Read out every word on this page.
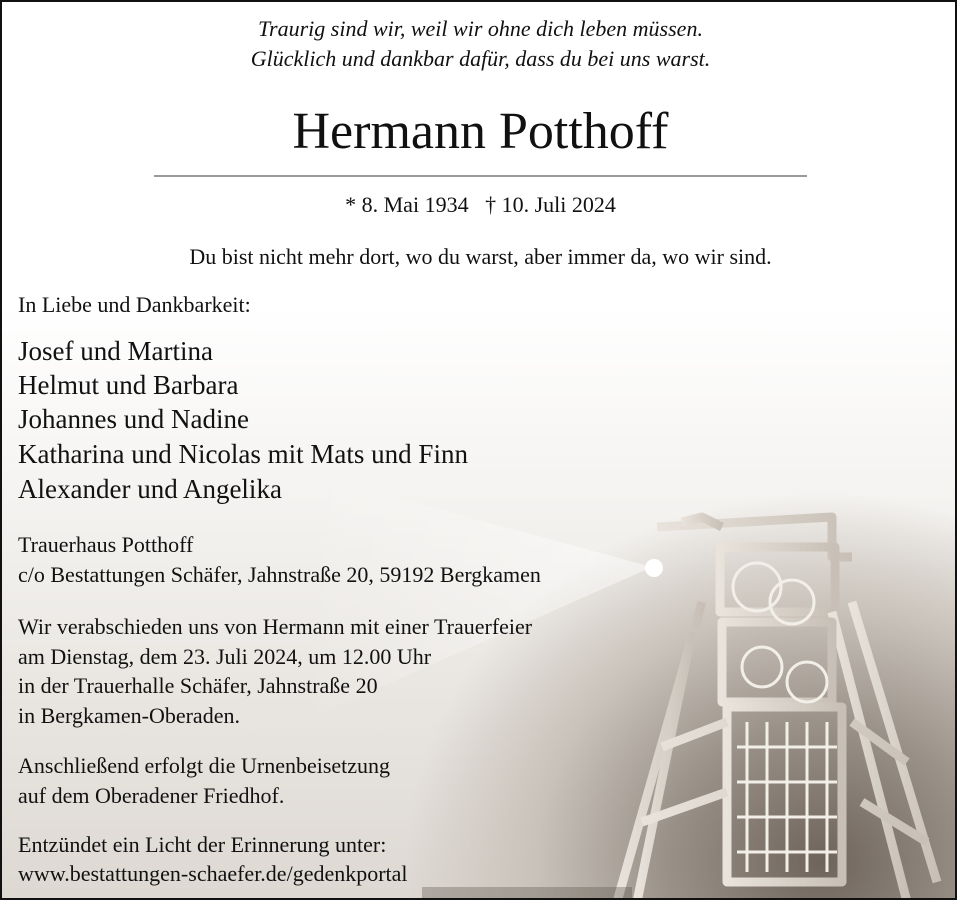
Traurig sind wir, weil wir ohne dich leben müssen.
Glücklich und dankbar dafür, dass du bei uns warst.
Hermann Potthoff
* 8. Mai 1934   † 10. Juli 2024
Du bist nicht mehr dort, wo du warst, aber immer da, wo wir sind.
In Liebe und Dankbarkeit:
Josef und Martina
Helmut und Barbara
Johannes und Nadine
Katharina und Nicolas mit Mats und Finn
Alexander und Angelika
Trauerhaus Potthoff
c/o Bestattungen Schäfer, Jahnstraße 20, 59192 Bergkamen
Wir verabschieden uns von Hermann mit einer Trauerfeier
am Dienstag, dem 23. Juli 2024, um 12.00 Uhr
in der Trauerhalle Schäfer, Jahnstraße 20
in Bergkamen-Oberaden.
Anschließend erfolgt die Urnenbeisetzung
auf dem Oberadener Friedhof.
Entzündet ein Licht der Erinnerung unter:
www.bestattungen-schaefer.de/gedenkportal
